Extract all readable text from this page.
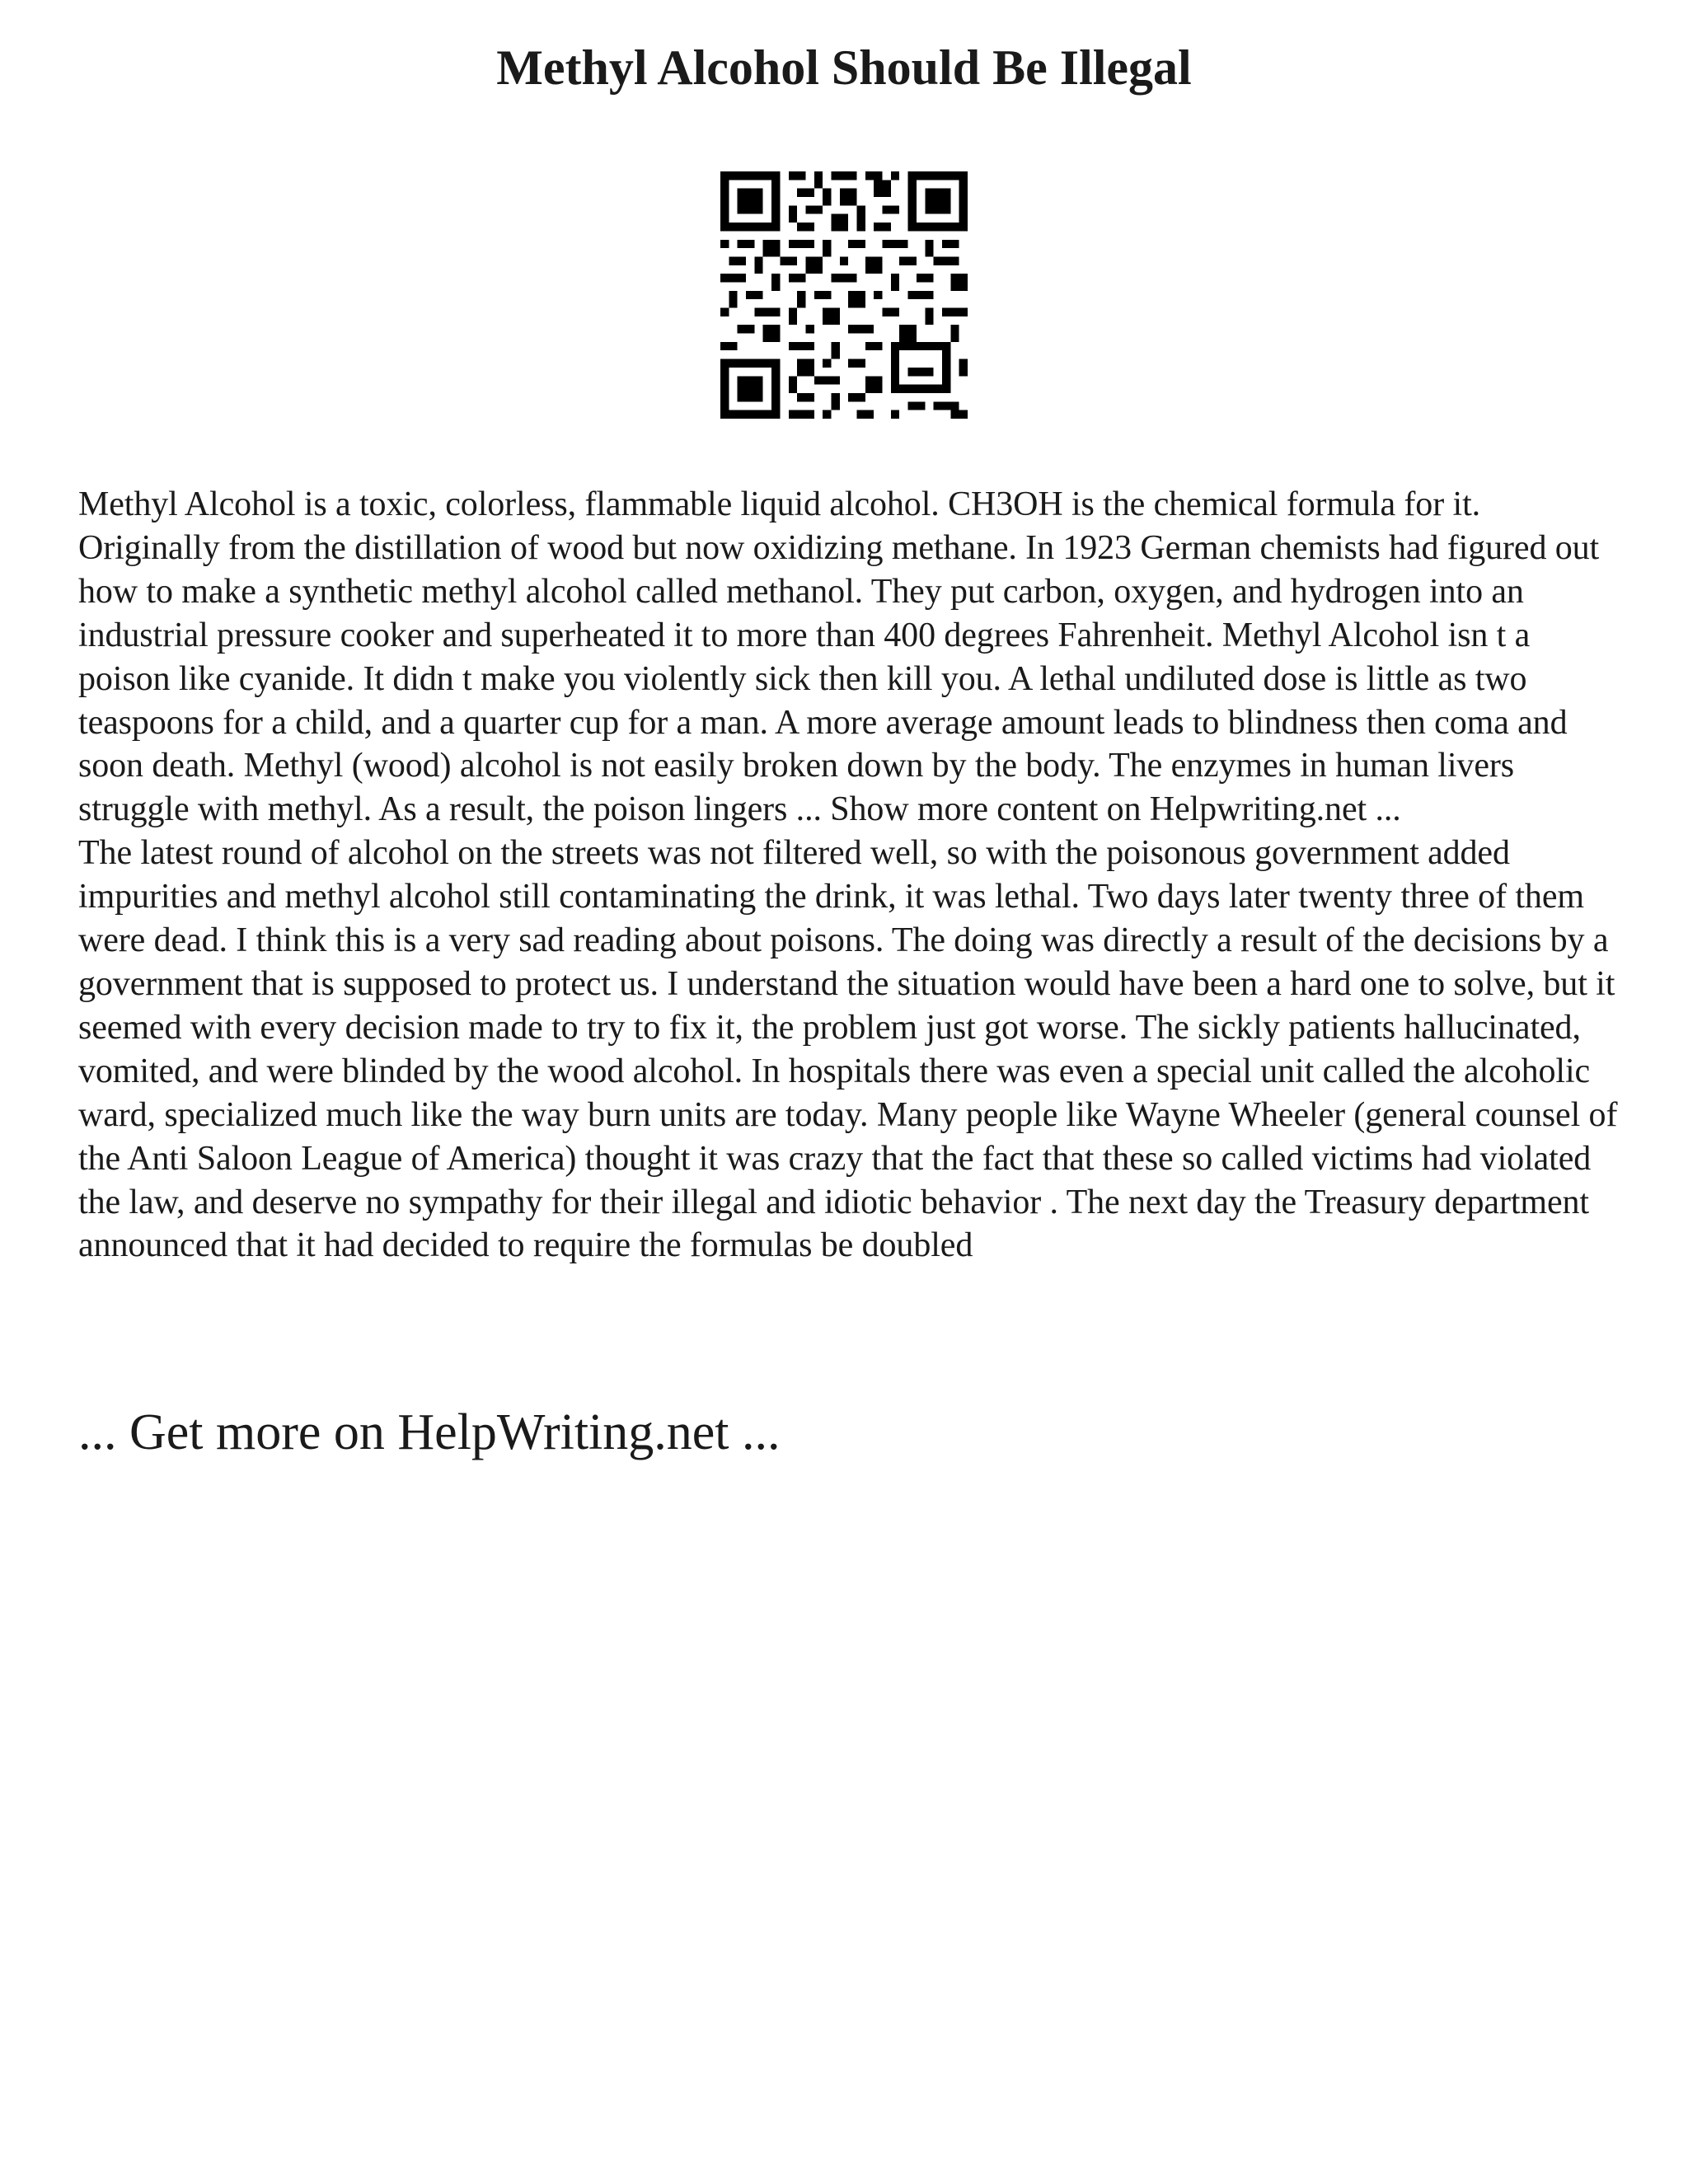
Methyl Alcohol Should Be Illegal

Methyl Alcohol is a toxic, colorless, flammable liquid alcohol. CH3OH is the chemical formula for it. Originally from the distillation of wood but now oxidizing methane. In 1923 German chemists had figured out how to make a synthetic methyl alcohol called methanol. They put carbon, oxygen, and hydrogen into an industrial pressure cooker and superheated it to more than 400 degrees Fahrenheit. Methyl Alcohol isn t a poison like cyanide. It didn t make you violently sick then kill you. A lethal undiluted dose is little as two teaspoons for a child, and a quarter cup for a man. A more average amount leads to blindness then coma and soon death. Methyl (wood) alcohol is not easily broken down by the body. The enzymes in human livers struggle with methyl. As a result, the poison lingers ... Show more content on Helpwriting.net ...

The latest round of alcohol on the streets was not filtered well, so with the poisonous government added impurities and methyl alcohol still contaminating the drink, it was lethal. Two days later twenty three of them were dead. I think this is a very sad reading about poisons. The doing was directly a result of the decisions by a government that is supposed to protect us. I understand the situation would have been a hard one to solve, but it seemed with every decision made to try to fix it, the problem just got worse. The sickly patients hallucinated, vomited, and were blinded by the wood alcohol. In hospitals there was even a special unit called the alcoholic ward, specialized much like the way burn units are today. Many people like Wayne Wheeler (general counsel of the Anti Saloon League of America) thought it was crazy that the fact that these so called victims had violated the law, and deserve no sympathy for their illegal and idiotic behavior . The next day the Treasury department announced that it had decided to require the formulas be doubled

... Get more on HelpWriting.net ...
